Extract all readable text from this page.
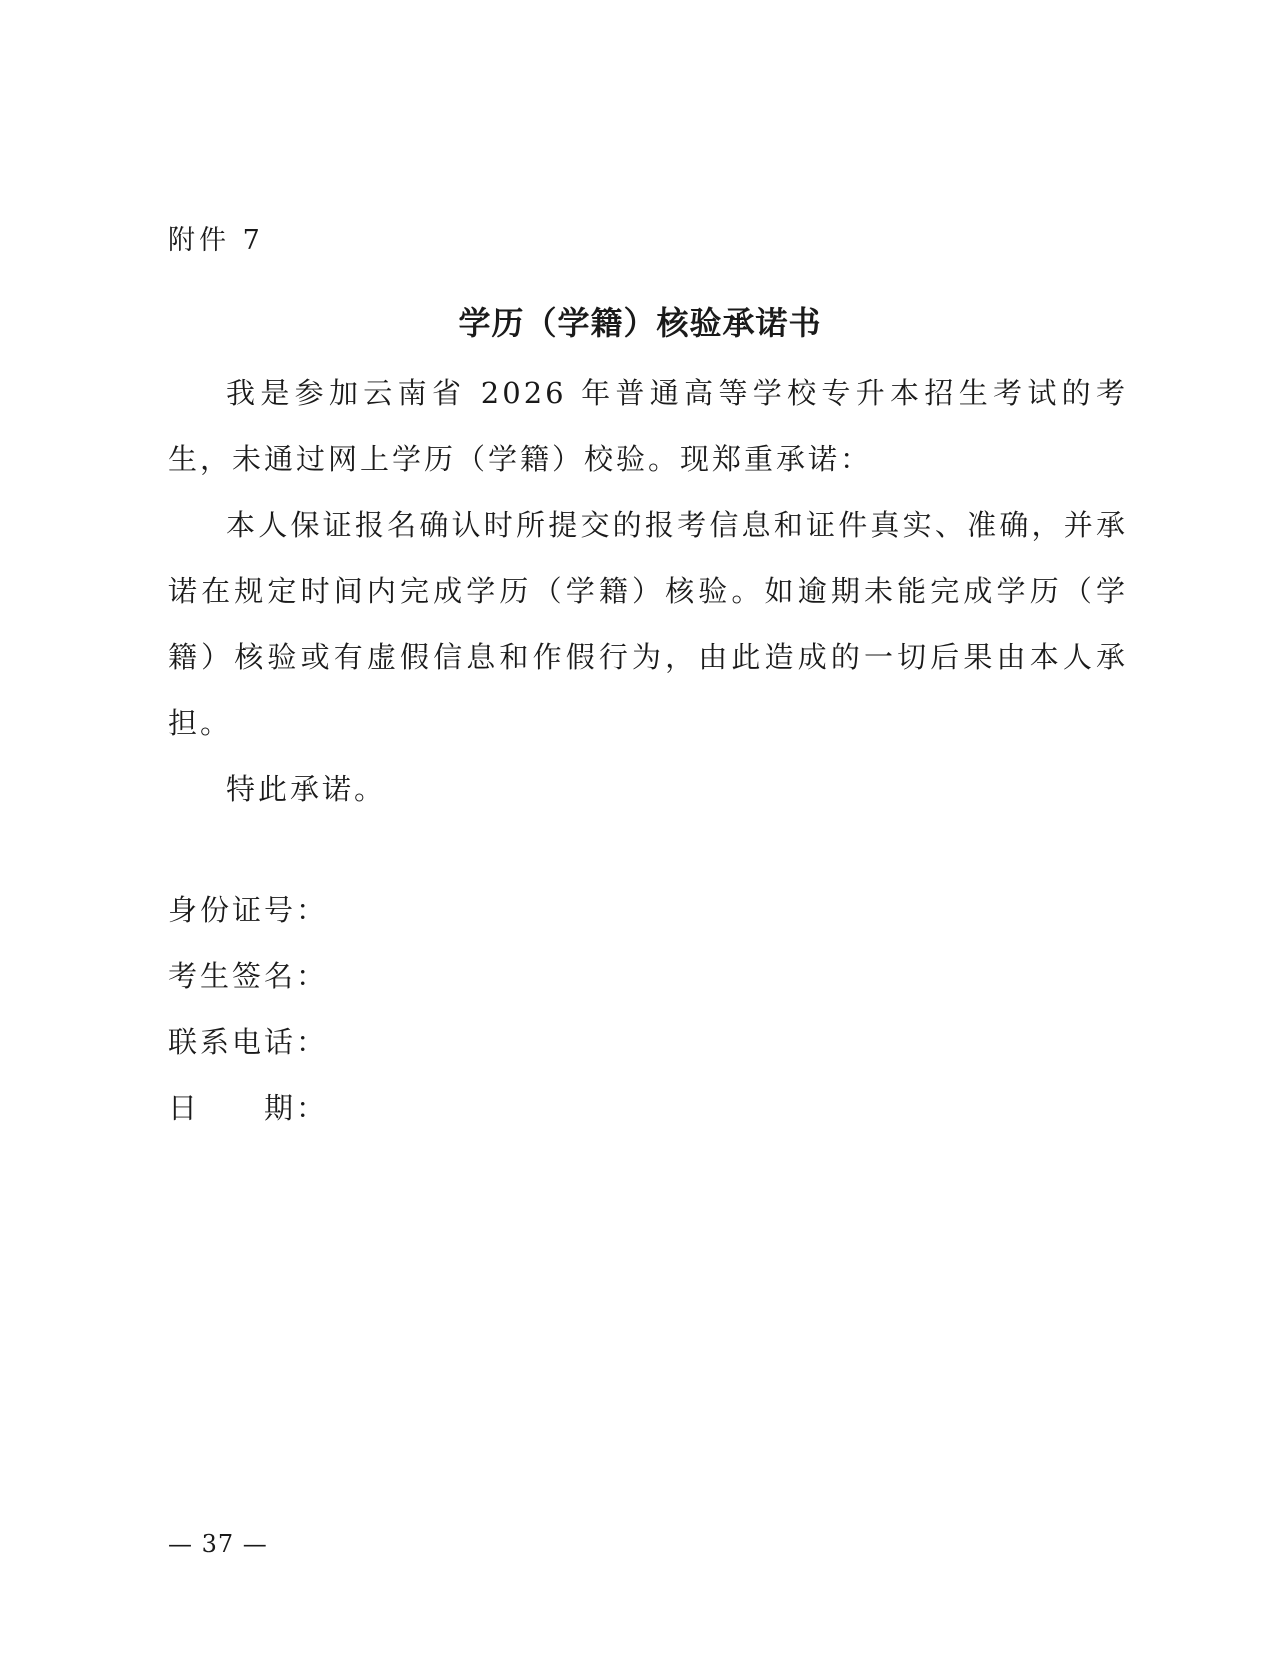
附件 7
学历（学籍）核验承诺书

我是参加云南省 2026 年普通高等学校专升本招生考试的考生，未通过网上学历（学籍）校验。现郑重承诺：

本人保证报名确认时所提交的报考信息和证件真实、准确，并承诺在规定时间内完成学历（学籍）核验。如逾期未能完成学历（学籍）核验或有虚假信息和作假行为，由此造成的一切后果由本人承担。

特此承诺。

身份证号：
考生签名：
联系电话：
日 期：
— 37 —
